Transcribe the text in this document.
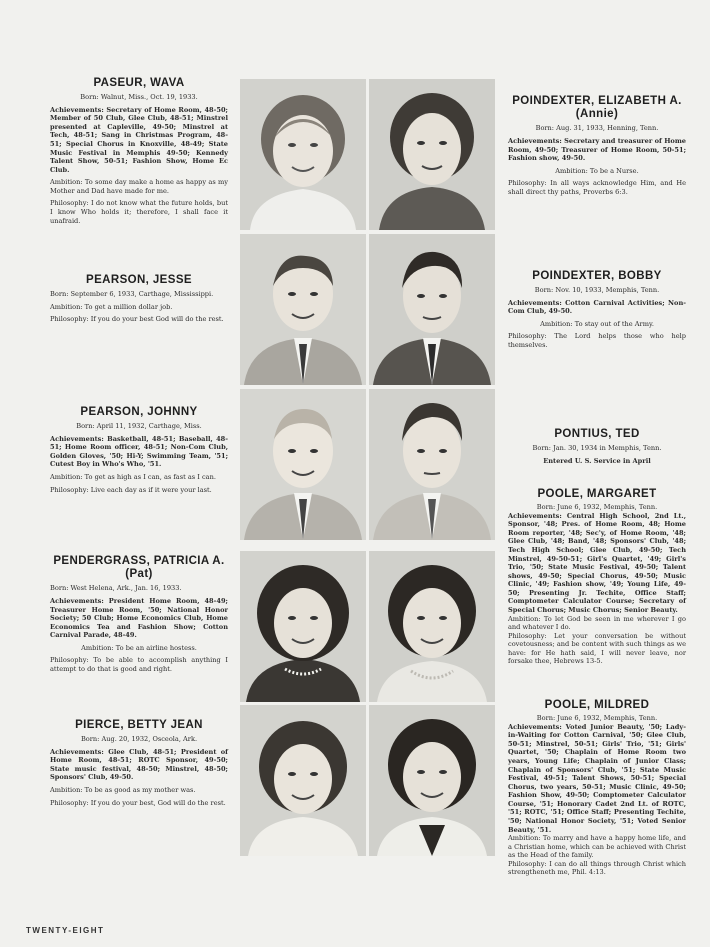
PASEUR, WAVA

Born: Walnut, Miss., Oct. 19, 1933.

Achievements: Secretary of Home Room, 48-50; Member of 50 Club, Glee Club, 48-51; Minstrel presented at Capleville, 49-50; Minstrel at Tech, 48-51; Sang in Christmas Program, 48-51; Special Chorus in Knoxville, 48-49; State Music Festival in Memphis 49-50; Kennedy Talent Show, 50-51; Fashion Show, Home Ec Club.

Ambition: To some day make a home as happy as my Mother and Dad have made for me.

Philosophy: I do not know what the future holds, but I know Who holds it; therefore, I shall face it unafraid.

PEARSON, JESSE

Born: September 6, 1933, Carthage, Mississippi.

Ambition: To get a million dollar job.

Philosophy: If you do your best God will do the rest.

PEARSON, JOHNNY

Born: April 11, 1932, Carthage, Miss.

Achievements: Basketball, 48-51; Baseball, 48-51; Home Room officer, 48-51; Non-Com Club, Golden Gloves, '50; Hi-Y; Swimming Team, '51; Cutest Boy in Who's Who, '51.

Ambition: To get as high as I can, as fast as I can.

Philosophy: Live each day as if it were your last.

PENDERGRASS, PATRICIA A.
(Pat)

Born: West Helena, Ark., Jan. 16, 1933.

Achievements: President Home Room, 48-49; Treasurer Home Room, '50; National Honor Society; 50 Club; Home Economics Club, Home Economics Tea and Fashion Show; Cotton Carnival Parade, 48-49.

Ambition: To be an airline hostess.

Philosophy: To be able to accomplish anything I attempt to do that is good and right.

PIERCE, BETTY JEAN

Born: Aug. 20, 1932, Osceola, Ark.

Achievements: Glee Club, 48-51; President of Home Room, 48-51; ROTC Sponsor, 49-50; State music festival, 48-50; Minstrel, 48-50; Sponsors' Club, 49-50.

Ambition: To be as good as my mother was.

Philosophy: If you do your best, God will do the rest.

POINDEXTER, ELIZABETH A.
(Annie)

Born: Aug. 31, 1933, Henning, Tenn.

Achievements: Secretary and treasurer of Home Room, 49-50; Treasurer of Home Room, 50-51; Fashion show, 49-50.

Ambition: To be a Nurse.

Philosophy: In all ways acknowledge Him, and He shall direct thy paths, Proverbs 6:3.

POINDEXTER, BOBBY

Born: Nov. 10, 1933, Memphis, Tenn.

Achievements: Cotton Carnival Activities; Non-Com Club, 49-50.

Ambition: To stay out of the Army.

Philosophy: The Lord helps those who help themselves.

PONTIUS, TED

Born: Jan. 30, 1934 in Memphis, Tenn.

Entered U. S. Service in April

POOLE, MARGARET

Born: June 6, 1932, Memphis, Tenn.

Achievements: Central High School, 2nd Lt., Sponsor, '48; Pres. of Home Room, 48; Home Room reporter, '48; Sec'y, of Home Room, '48; Glee Club, '48; Band, '48; Sponsors' Club, '48; Tech High School; Glee Club, 49-50; Tech Minstrel, 49-50-51; Girl's Quartet, '49; Girl's Trio, '50; State Music Festival, 49-50; Talent shows, 49-50; Special Chorus, 49-50; Music Clinic, '49; Fashion show, '49; Young Life, 49-50; Presenting Jr. Techite, Office Staff; Comptometer Calculator Course; Secretary of Special Chorus; Music Chorus; Senior Beauty.

Ambition: To let God be seen in me wherever I go and whatever I do.

Philosophy: Let your conversation be without covetousness; and be content with such things as we have: for He hath said, I will never leave, nor forsake thee, Hebrews 13-5.

POOLE, MILDRED

Born: June 6, 1932, Memphis, Tenn.

Achievements: Voted Junior Beauty, '50; Lady-in-Waiting for Cotton Carnival, '50; Glee Club, 50-51; Minstrel, 50-51; Girls' Trio, '51; Girls' Quartet, '50; Chaplain of Home Room two years, Young Life; Chaplain of Junior Class; Chaplain of Sponsors' Club, '51; State Music Festival, 49-51; Talent Shows, 50-51; Special Chorus, two years, 50-51; Music Clinic, 49-50; Fashion Show, 49-50; Comptometer Calculator Course, '51; Honorary Cadet 2nd Lt. of ROTC, '51; ROTC, '51; Office Staff; Presenting Techite, '50; National Honor Society, '51; Voted Senior Beauty, '51.

Ambition: To marry and have a happy home life, and a Christian home, which can be achieved with Christ as the Head of the family.

Philosophy: I can do all things through Christ which strengtheneth me, Phil. 4:13.

TWENTY-EIGHT
